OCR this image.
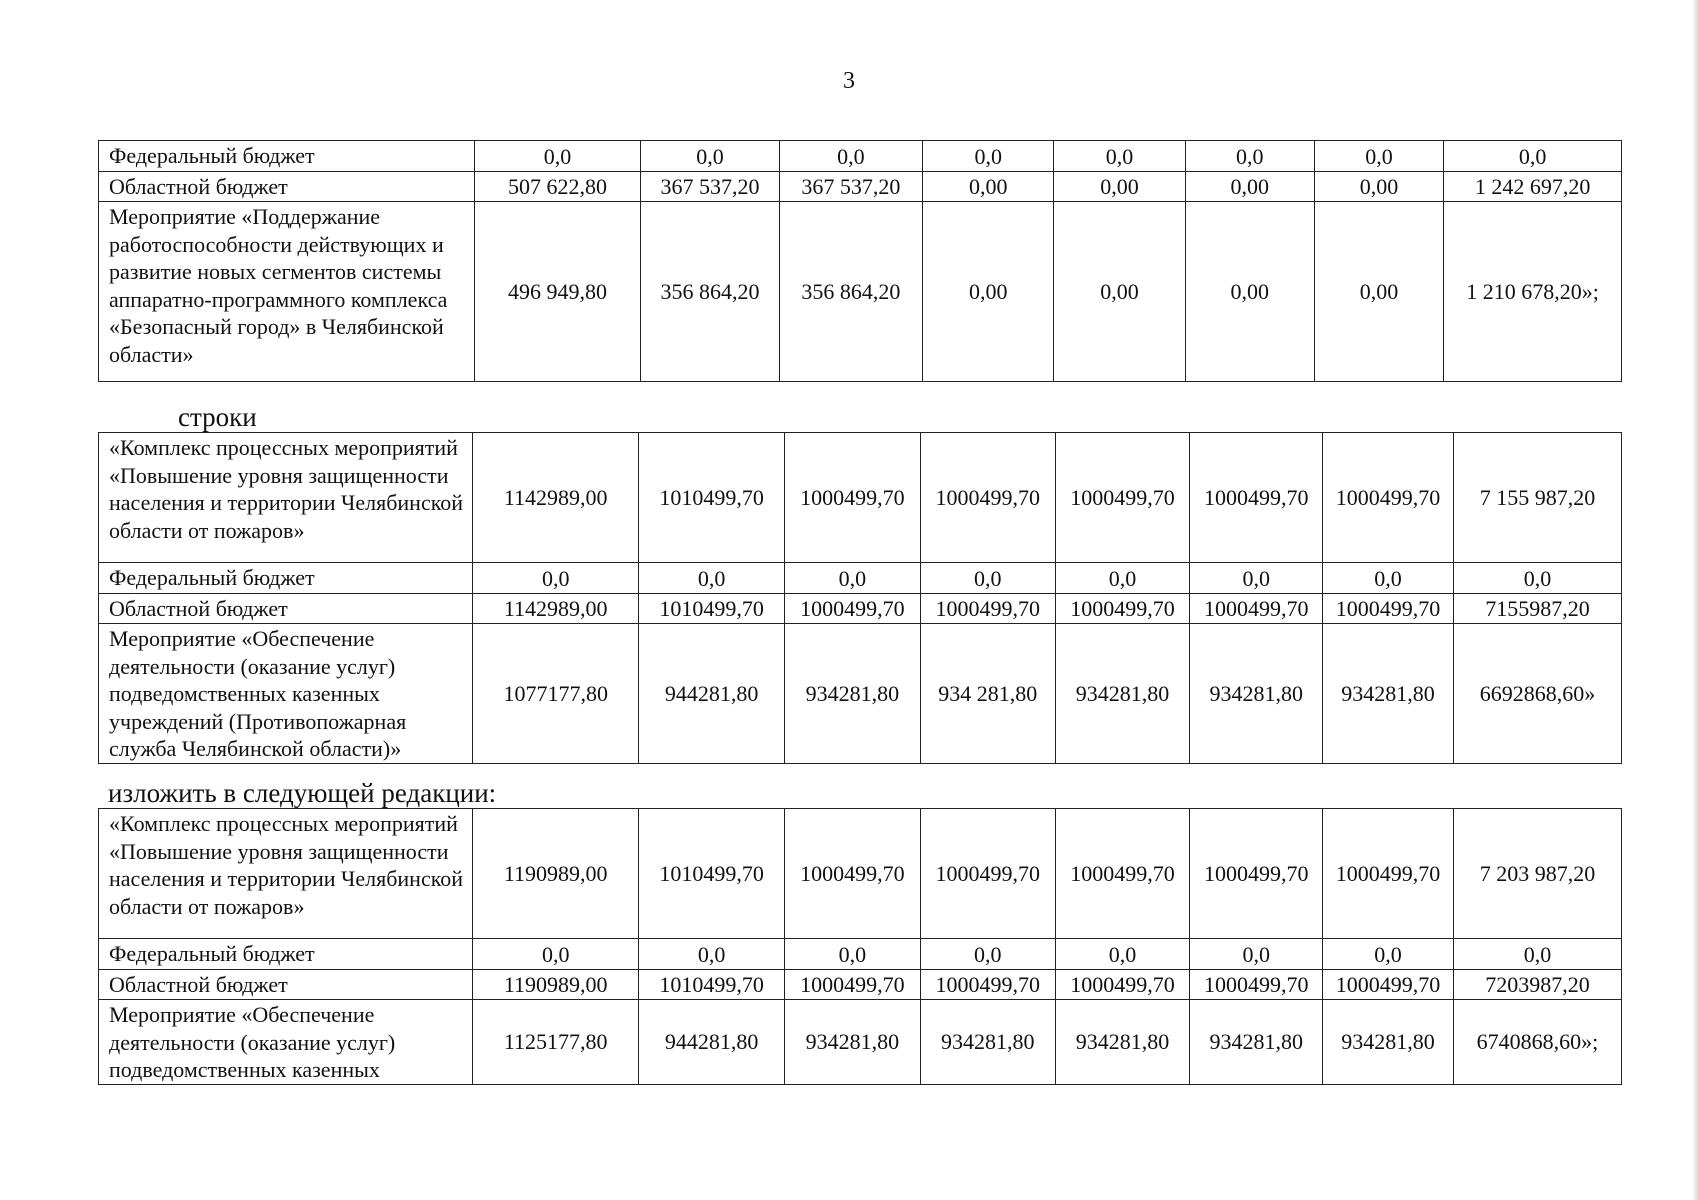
3
Федеральный бюджет	0,0	0,0	0,0	0,0	0,0	0,0	0,0	0,0
Областной бюджет	507 622,80	367 537,20	367 537,20	0,00	0,00	0,00	0,00	1 242 697,20
Мероприятие «Поддержание работоспособности действующих и развитие новых сегментов системы аппаратно-программного комплекса «Безопасный город» в Челябинской области»	496 949,80	356 864,20	356 864,20	0,00	0,00	0,00	0,00	1 210 678,20»;
строки
«Комплекс процессных мероприятий «Повышение уровня защищенности населения и территории Челябинской области от пожаров»	1142989,00	1010499,70	1000499,70	1000499,70	1000499,70	1000499,70	1000499,70	7 155 987,20
Федеральный бюджет	0,0	0,0	0,0	0,0	0,0	0,0	0,0	0,0
Областной бюджет	1142989,00	1010499,70	1000499,70	1000499,70	1000499,70	1000499,70	1000499,70	7155987,20
Мероприятие «Обеспечение деятельности (оказание услуг) подведомственных казенных учреждений (Противопожарная служба Челябинской области)»	1077177,80	944281,80	934281,80	934 281,80	934281,80	934281,80	934281,80	6692868,60»
изложить в следующей редакции:
«Комплекс процессных мероприятий «Повышение уровня защищенности населения и территории Челябинской области от пожаров»	1190989,00	1010499,70	1000499,70	1000499,70	1000499,70	1000499,70	1000499,70	7 203 987,20
Федеральный бюджет	0,0	0,0	0,0	0,0	0,0	0,0	0,0	0,0
Областной бюджет	1190989,00	1010499,70	1000499,70	1000499,70	1000499,70	1000499,70	1000499,70	7203987,20
Мероприятие «Обеспечение деятельности (оказание услуг) подведомственных казенных	1125177,80	944281,80	934281,80	934281,80	934281,80	934281,80	934281,80	6740868,60»;
